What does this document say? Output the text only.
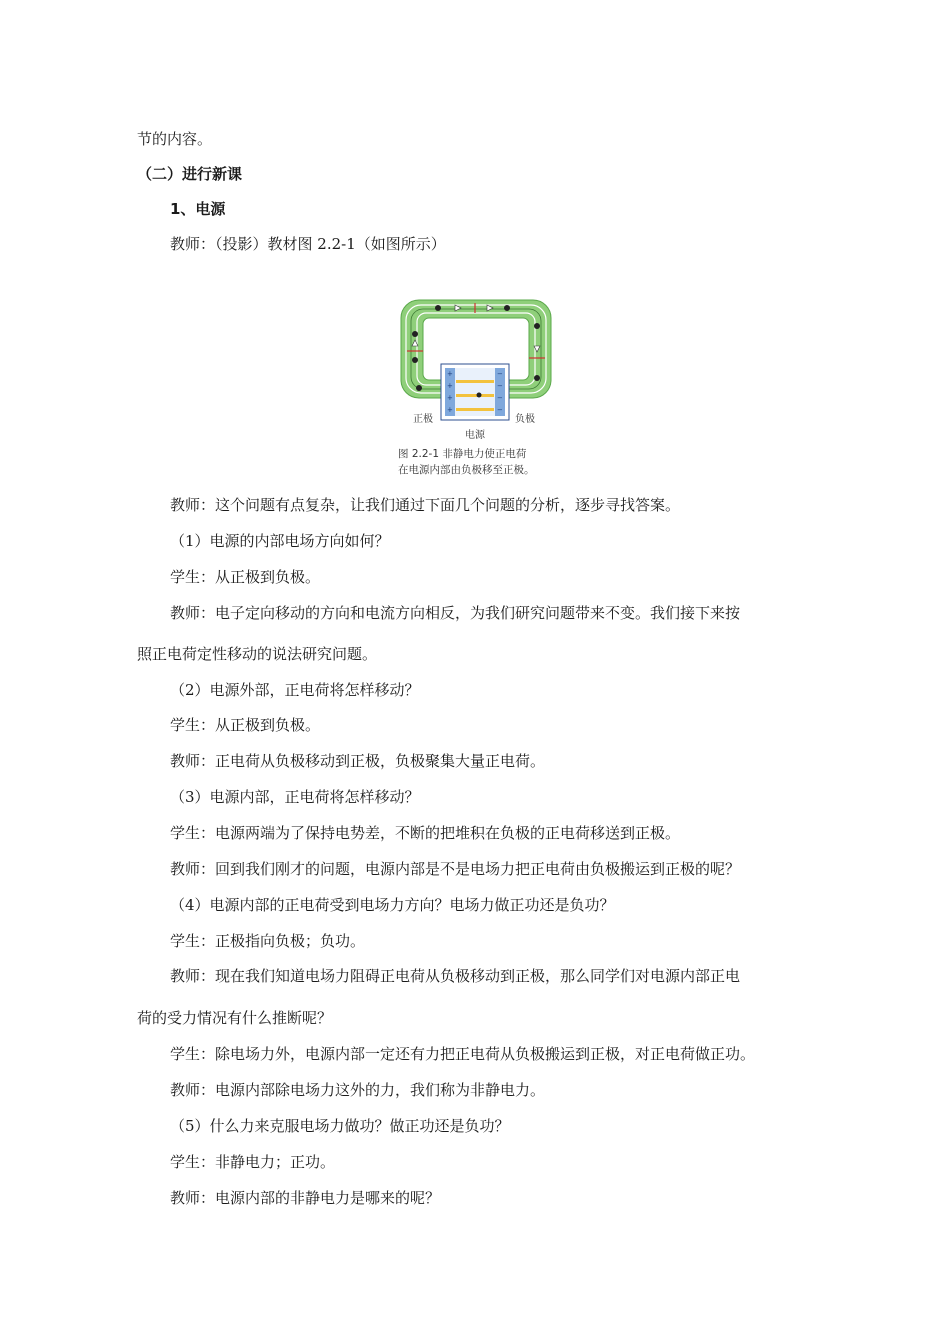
节的内容。
（二）进行新课
1、电源
教师：（投影）教材图 2.2-1（如图所示）
+
+
+
+
−
−
−
−
正极	负极
电源
图 2.2-1 非静电力使正电荷
在电源内部由负极移至正极。
教师：这个问题有点复杂，让我们通过下面几个问题的分析，逐步寻找答案。
（1）电源的内部电场方向如何？
学生：从正极到负极。
教师：电子定向移动的方向和电流方向相反，为我们研究问题带来不变。我们接下来按
照正电荷定性移动的说法研究问题。
（2）电源外部，正电荷将怎样移动？
学生：从正极到负极。
教师：正电荷从负极移动到正极，负极聚集大量正电荷。
（3）电源内部，正电荷将怎样移动？
学生：电源两端为了保持电势差，不断的把堆积在负极的正电荷移送到正极。
教师：回到我们刚才的问题，电源内部是不是电场力把正电荷由负极搬运到正极的呢？
（4）电源内部的正电荷受到电场力方向？电场力做正功还是负功？
学生：正极指向负极；负功。
教师：现在我们知道电场力阻碍正电荷从负极移动到正极，那么同学们对电源内部正电
荷的受力情况有什么推断呢？
学生：除电场力外，电源内部一定还有力把正电荷从负极搬运到正极，对正电荷做正功。
教师：电源内部除电场力这外的力，我们称为非静电力。
（5）什么力来克服电场力做功？做正功还是负功？
学生：非静电力；正功。
教师：电源内部的非静电力是哪来的呢？
